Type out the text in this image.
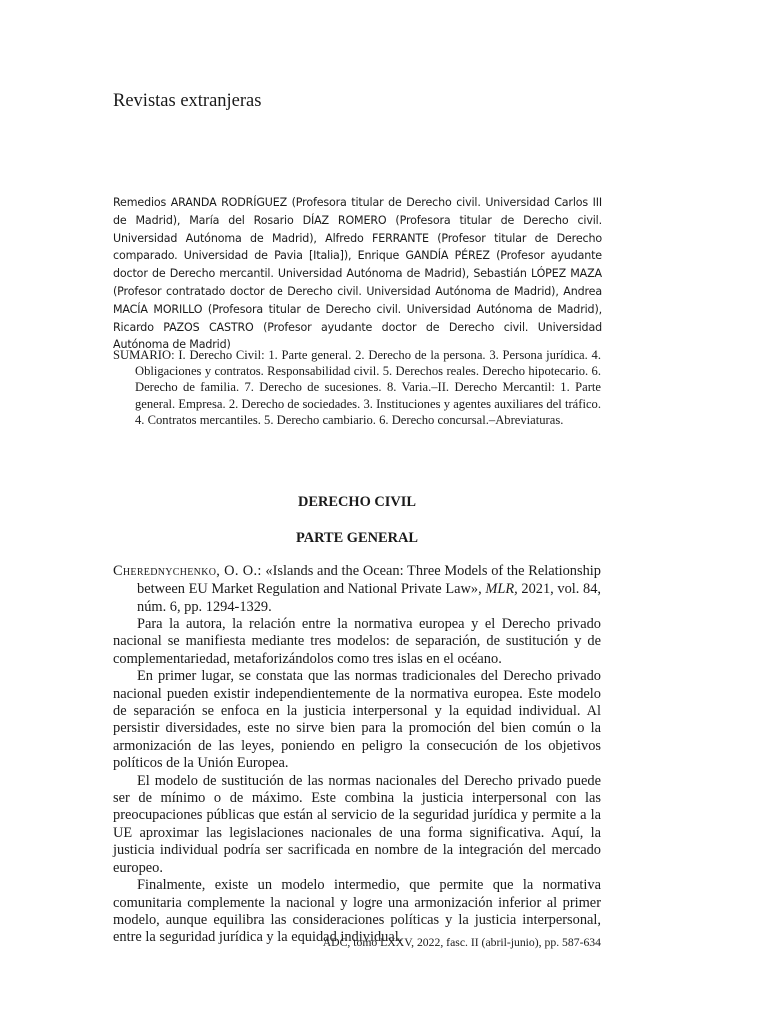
Revistas extranjeras

Remedios ARANDA RODRÍGUEZ (Profesora titular de Derecho civil. Universidad Carlos III de Madrid), María del Rosario DÍAZ ROMERO (Profesora titular de Derecho civil. Universidad Autónoma de Madrid), Alfredo FERRANTE (Profesor titular de Derecho comparado. Universidad de Pavia [Italia]), Enrique GANDÍA PÉREZ (Profesor ayudante doctor de Derecho mercantil. Universidad Autónoma de Madrid), Sebastián LÓPEZ MAZA (Profesor contratado doctor de Derecho civil. Universidad Autónoma de Madrid), Andrea MACÍA MORILLO (Profesora titular de Derecho civil. Universidad Autónoma de Madrid), Ricardo PAZOS CASTRO (Profesor ayudante doctor de Derecho civil. Universidad Autónoma de Madrid)

SUMARIO: I. Derecho Civil: 1. Parte general. 2. Derecho de la persona. 3. Persona jurídica. 4. Obligaciones y contratos. Responsabilidad civil. 5. Derechos reales. Derecho hipotecario. 6. Derecho de familia. 7. Derecho de sucesiones. 8. Varia.–II. Derecho Mercantil: 1. Parte general. Empresa. 2. Derecho de sociedades. 3. Instituciones y agentes auxiliares del tráfico. 4. Contratos mercantiles. 5. Derecho cambiario. 6. Derecho concursal.–Abreviaturas.

DERECHO CIVIL
PARTE GENERAL

Cherednychenko, O. O.: «Islands and the Ocean: Three Models of the Relationship between EU Market Regulation and National Private Law», MLR, 2021, vol. 84, núm. 6, pp. 1294-1329.

Para la autora, la relación entre la normativa europea y el Derecho privado nacional se manifiesta mediante tres modelos: de separación, de sustitución y de complementariedad, metaforizándolos como tres islas en el océano.

En primer lugar, se constata que las normas tradicionales del Derecho privado nacional pueden existir independientemente de la normativa europea. Este modelo de separación se enfoca en la justicia interpersonal y la equidad individual. Al persistir diversidades, este no sirve bien para la promoción del bien común o la armonización de las leyes, poniendo en peligro la consecución de los objetivos políticos de la Unión Europea.

El modelo de sustitución de las normas nacionales del Derecho privado puede ser de mínimo o de máximo. Este combina la justicia interpersonal con las preocupaciones públicas que están al servicio de la seguridad jurídica y permite a la UE aproximar las legislaciones nacionales de una forma significativa. Aquí, la justicia individual podría ser sacrificada en nombre de la integración del mercado europeo.

Finalmente, existe un modelo intermedio, que permite que la normativa comunitaria complemente la nacional y logre una armonización inferior al primer modelo, aunque equilibra las consideraciones políticas y la justicia interpersonal, entre la seguridad jurídica y la equidad individual.

ADC, tomo LXXV, 2022, fasc. II (abril-junio), pp. 587-634
